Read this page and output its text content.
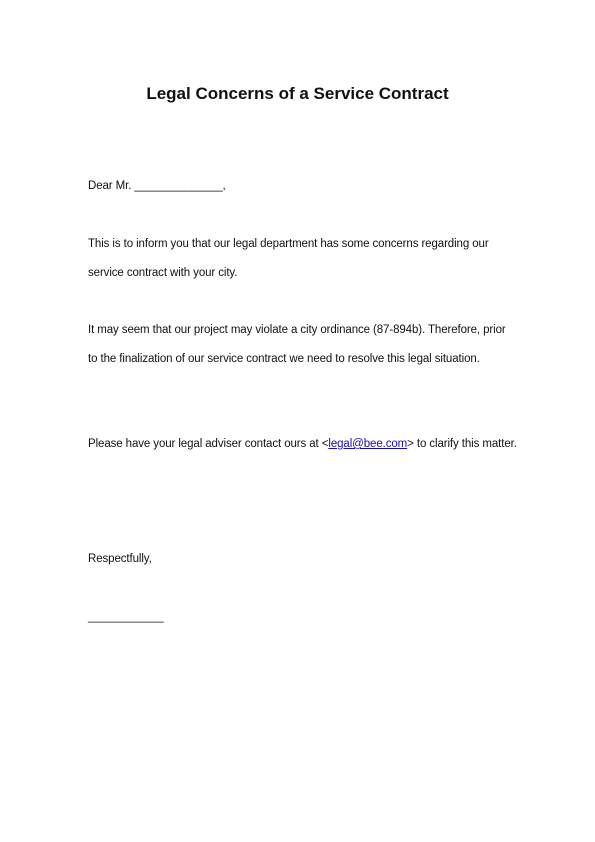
Legal Concerns of a Service Contract

Dear Mr. ______________,

This is to inform you that our legal department has some concerns regarding our service contract with your city.

It may seem that our project may violate a city ordinance (87-894b). Therefore, prior to the finalization of our service contract we need to resolve this legal situation.

Please have your legal adviser contact ours at <legal@bee.com> to clarify this matter.

Respectfully,

____________
